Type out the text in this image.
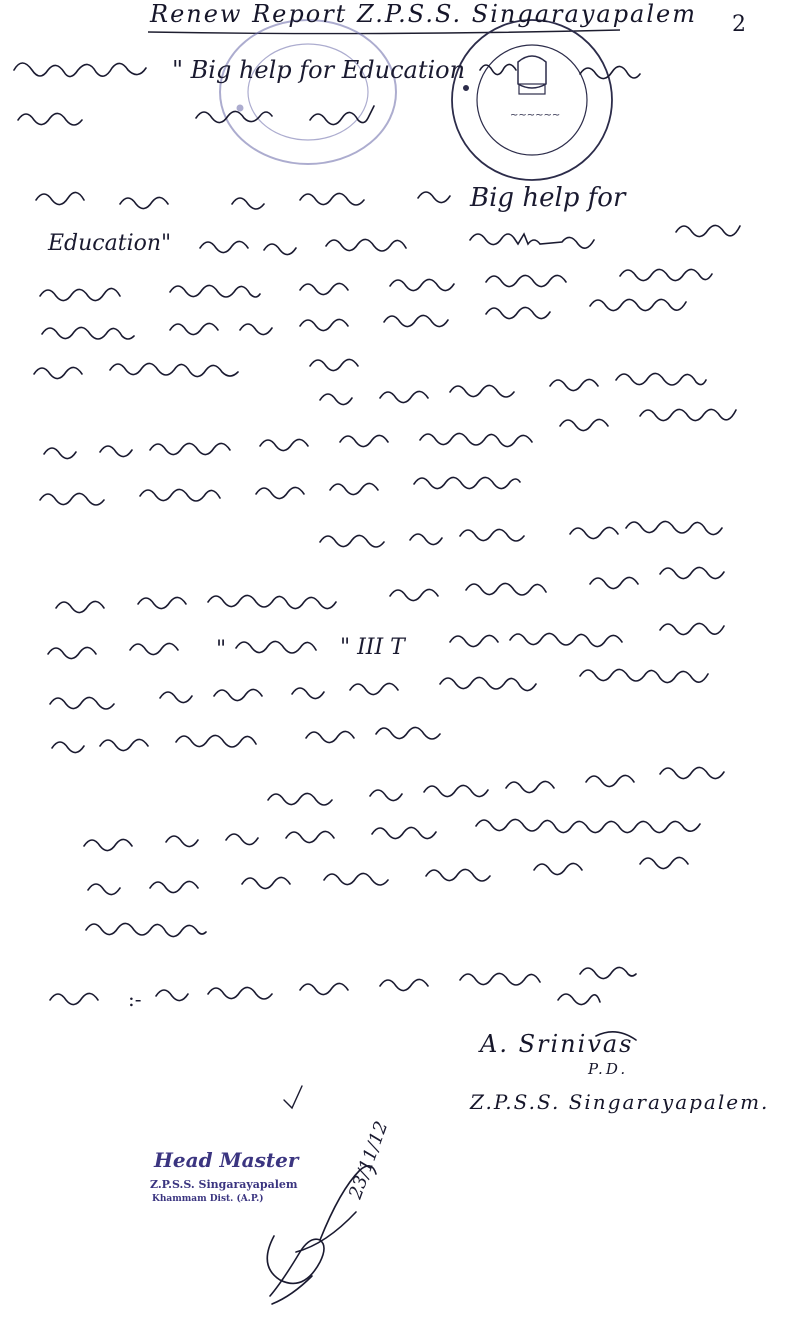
~~~~~~
" Big help for Education
Big help for
Education"
"	" III T
:-
23/11/12
Renew Report Z.P.S.S. Singarayapalem 2
A. Srinivas
P.D.
Z.P.S.S. Singarayapalem.
Head Master
Z.P.S.S. Singarayapalem
Khammam Dist. (A.P.)
